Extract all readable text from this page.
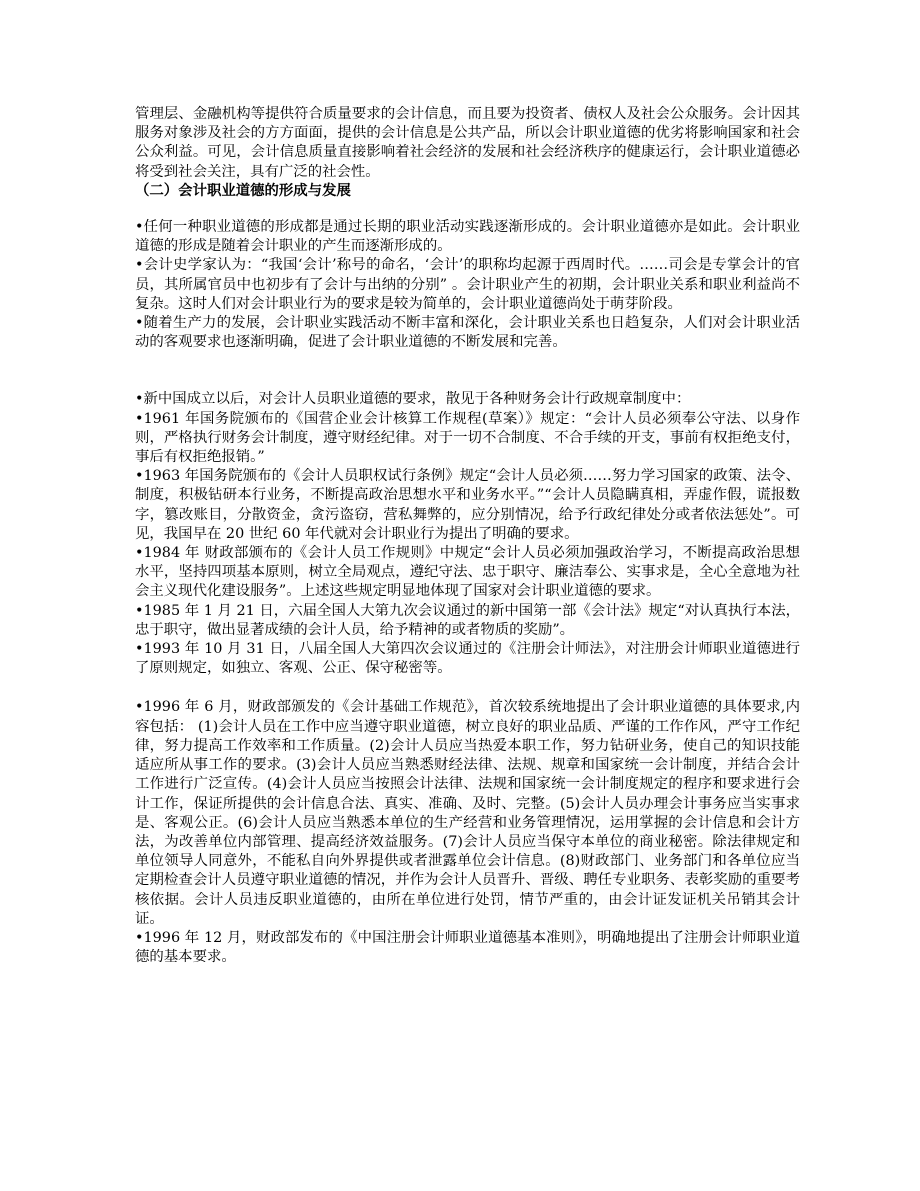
管理层、金融机构等提供符合质量要求的会计信息，而且要为投资者、债权人及社会公众服务。会计因其服务对象涉及社会的方方面面，提供的会计信息是公共产品，所以会计职业道德的优劣将影响国家和社会公众利益。可见，会计信息质量直接影响着社会经济的发展和社会经济秩序的健康运行，会计职业道德必将受到社会关注，具有广泛的社会性。

（二）会计职业道德的形成与发展

•任何一种职业道德的形成都是通过长期的职业活动实践逐渐形成的。会计职业道德亦是如此。会计职业道德的形成是随着会计职业的产生而逐渐形成的。

•会计史学家认为：“我国‘会计’称号的命名，‘会计’的职称均起源于西周时代。……司会是专掌会计的官员，其所属官员中也初步有了会计与出纳的分别” 。会计职业产生的初期，会计职业关系和职业利益尚不复杂。这时人们对会计职业行为的要求是较为简单的，会计职业道德尚处于萌芽阶段。

•随着生产力的发展，会计职业实践活动不断丰富和深化，会计职业关系也日趋复杂，人们对会计职业活动的客观要求也逐渐明确，促进了会计职业道德的不断发展和完善。

•新中国成立以后，对会计人员职业道德的要求，散见于各种财务会计行政规章制度中：

•1961 年国务院颁布的《国营企业会计核算工作规程(草案）》规定：“会计人员必须奉公守法、以身作则，严格执行财务会计制度，遵守财经纪律。对于一切不合制度、不合手续的开支，事前有权拒绝支付，事后有权拒绝报销。”

•1963 年国务院颁布的《会计人员职权试行条例》规定“会计人员必须……努力学习国家的政策、法令、制度，积极钻研本行业务，不断提高政治思想水平和业务水平。”“会计人员隐瞒真相，弄虚作假，谎报数字，篡改账目，分散资金，贪污盗窃，营私舞弊的，应分别情况，给予行政纪律处分或者依法惩处”。可见，我国早在 20 世纪 60 年代就对会计职业行为提出了明确的要求。

•1984 年 财政部颁布的《会计人员工作规则》中规定“会计人员必须加强政治学习，不断提高政治思想水平，坚持四项基本原则，树立全局观点，遵纪守法、忠于职守、廉洁奉公、实事求是，全心全意地为社会主义现代化建设服务”。上述这些规定明显地体现了国家对会计职业道德的要求。

•1985 年 1 月 21 日，六届全国人大第九次会议通过的新中国第一部《会计法》规定“对认真执行本法，忠于职守，做出显著成绩的会计人员，给予精神的或者物质的奖励”。

•1993 年 10 月 31 日，八届全国人大第四次会议通过的《注册会计师法》，对注册会计师职业道德进行了原则规定，如独立、客观、公正、保守秘密等。

•1996 年 6 月，财政部颁发的《会计基础工作规范》，首次较系统地提出了会计职业道德的具体要求,内容包括： (1)会计人员在工作中应当遵守职业道德，树立良好的职业品质、严谨的工作作风，严守工作纪律，努力提高工作效率和工作质量。(2)会计人员应当热爱本职工作，努力钻研业务，使自己的知识技能适应所从事工作的要求。(3)会计人员应当熟悉财经法律、法规、规章和国家统一会计制度，并结合会计工作进行广泛宣传。(4)会计人员应当按照会计法律、法规和国家统一会计制度规定的程序和要求进行会计工作，保证所提供的会计信息合法、真实、准确、及时、完整。(5)会计人员办理会计事务应当实事求是、客观公正。(6)会计人员应当熟悉本单位的生产经营和业务管理情况，运用掌握的会计信息和会计方法，为改善单位内部管理、提高经济效益服务。(7)会计人员应当保守本单位的商业秘密。除法律规定和单位领导人同意外，不能私自向外界提供或者泄露单位会计信息。(8)财政部门、业务部门和各单位应当定期检查会计人员遵守职业道德的情况，并作为会计人员晋升、晋级、聘任专业职务、表彰奖励的重要考核依据。会计人员违反职业道德的，由所在单位进行处罚，情节严重的，由会计证发证机关吊销其会计证。

•1996 年 12 月，财政部发布的《中国注册会计师职业道德基本准则》，明确地提出了注册会计师职业道德的基本要求。
